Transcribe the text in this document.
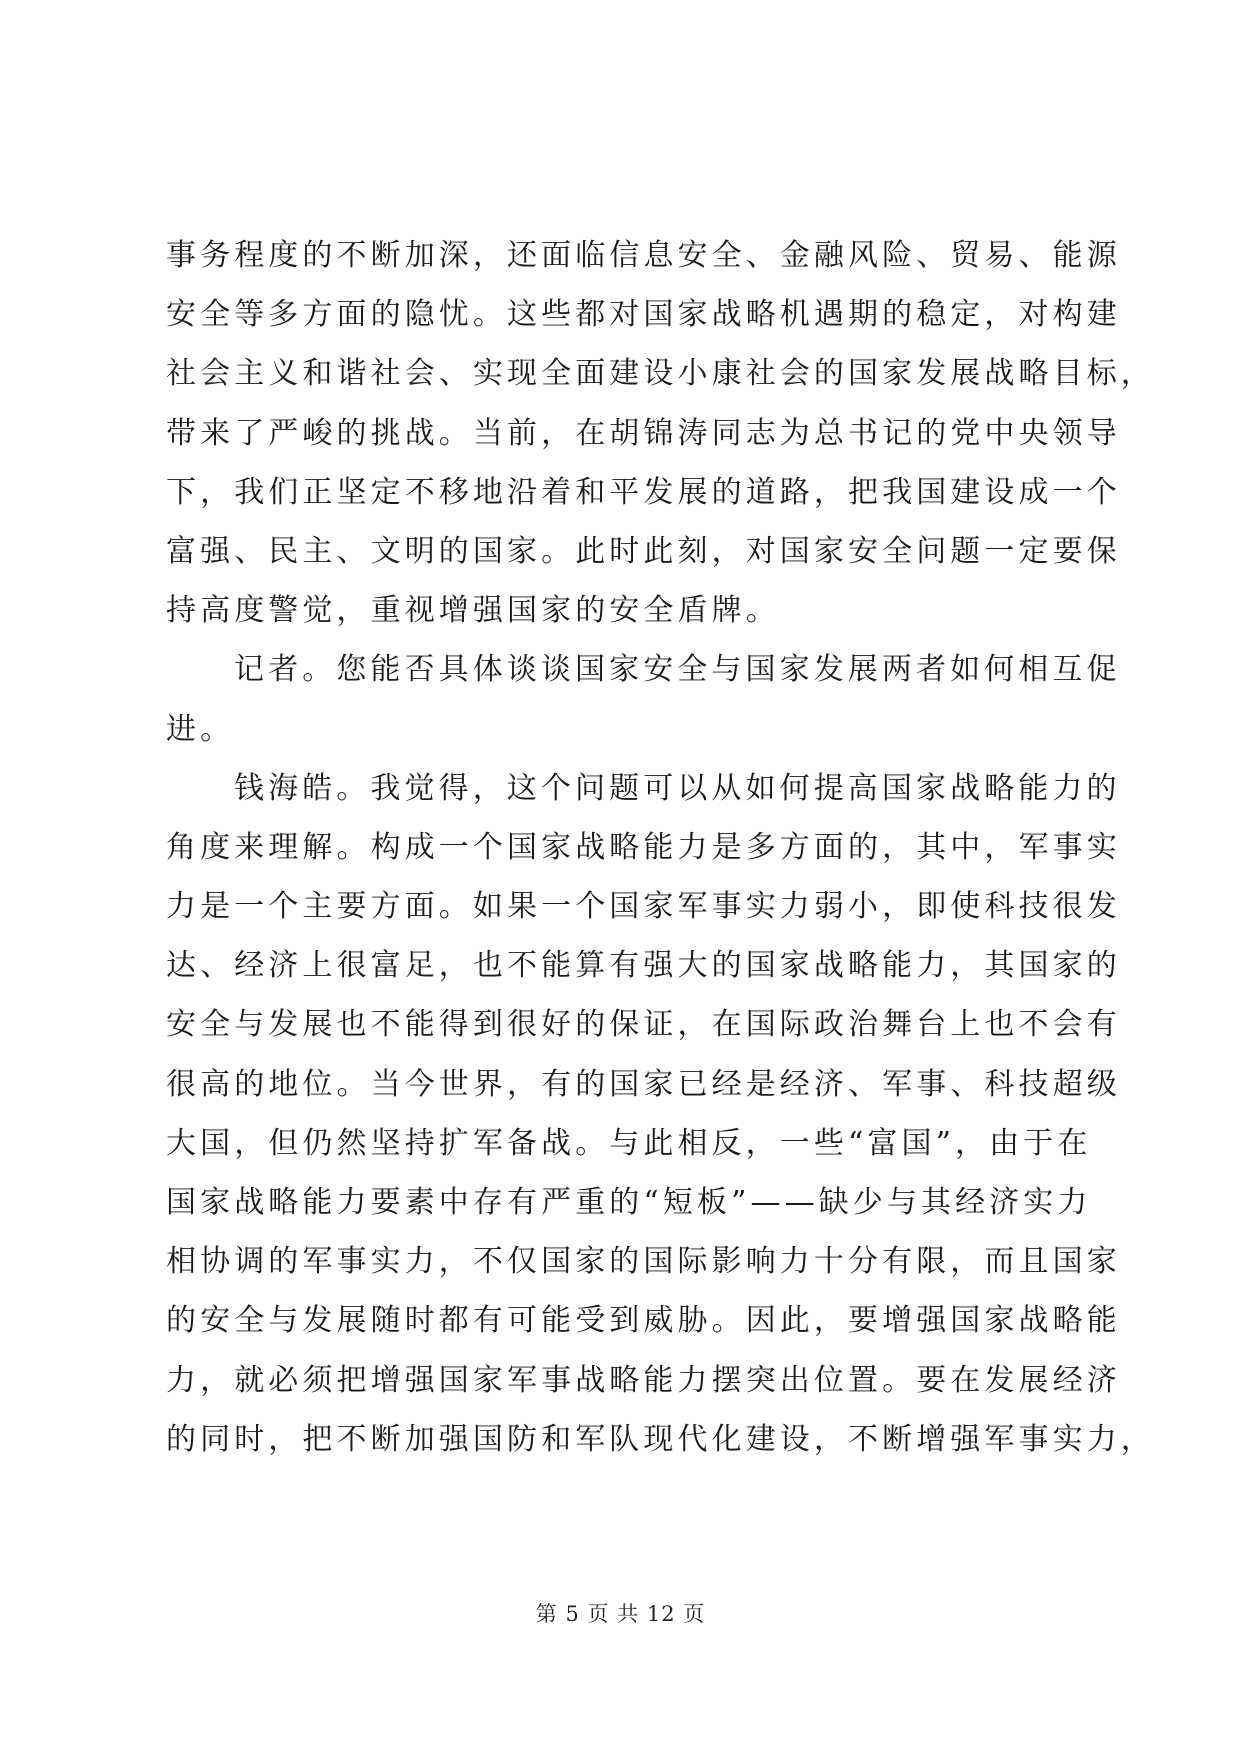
事务程度的不断加深，还面临信息安全、金融风险、贸易、能源
安全等多方面的隐忧。这些都对国家战略机遇期的稳定，对构建
社会主义和谐社会、实现全面建设小康社会的国家发展战略目标，
带来了严峻的挑战。当前，在胡锦涛同志为总书记的党中央领导
下，我们正坚定不移地沿着和平发展的道路，把我国建设成一个
富强、民主、文明的国家。此时此刻，对国家安全问题一定要保
持高度警觉，重视增强国家的安全盾牌。
记者。您能否具体谈谈国家安全与国家发展两者如何相互促
进。
钱海皓。我觉得，这个问题可以从如何提高国家战略能力的
角度来理解。构成一个国家战略能力是多方面的，其中，军事实
力是一个主要方面。如果一个国家军事实力弱小，即使科技很发
达、经济上很富足，也不能算有强大的国家战略能力，其国家的
安全与发展也不能得到很好的保证，在国际政治舞台上也不会有
很高的地位。当今世界，有的国家已经是经济、军事、科技超级
大国，但仍然坚持扩军备战。与此相反，一些“富国”，由于在
国家战略能力要素中存有严重的“短板”——缺少与其经济实力
相协调的军事实力，不仅国家的国际影响力十分有限，而且国家
的安全与发展随时都有可能受到威胁。因此，要增强国家战略能
力，就必须把增强国家军事战略能力摆突出位置。要在发展经济
的同时，把不断加强国防和军队现代化建设，不断增强军事实力，
第 5 页 共 12 页
